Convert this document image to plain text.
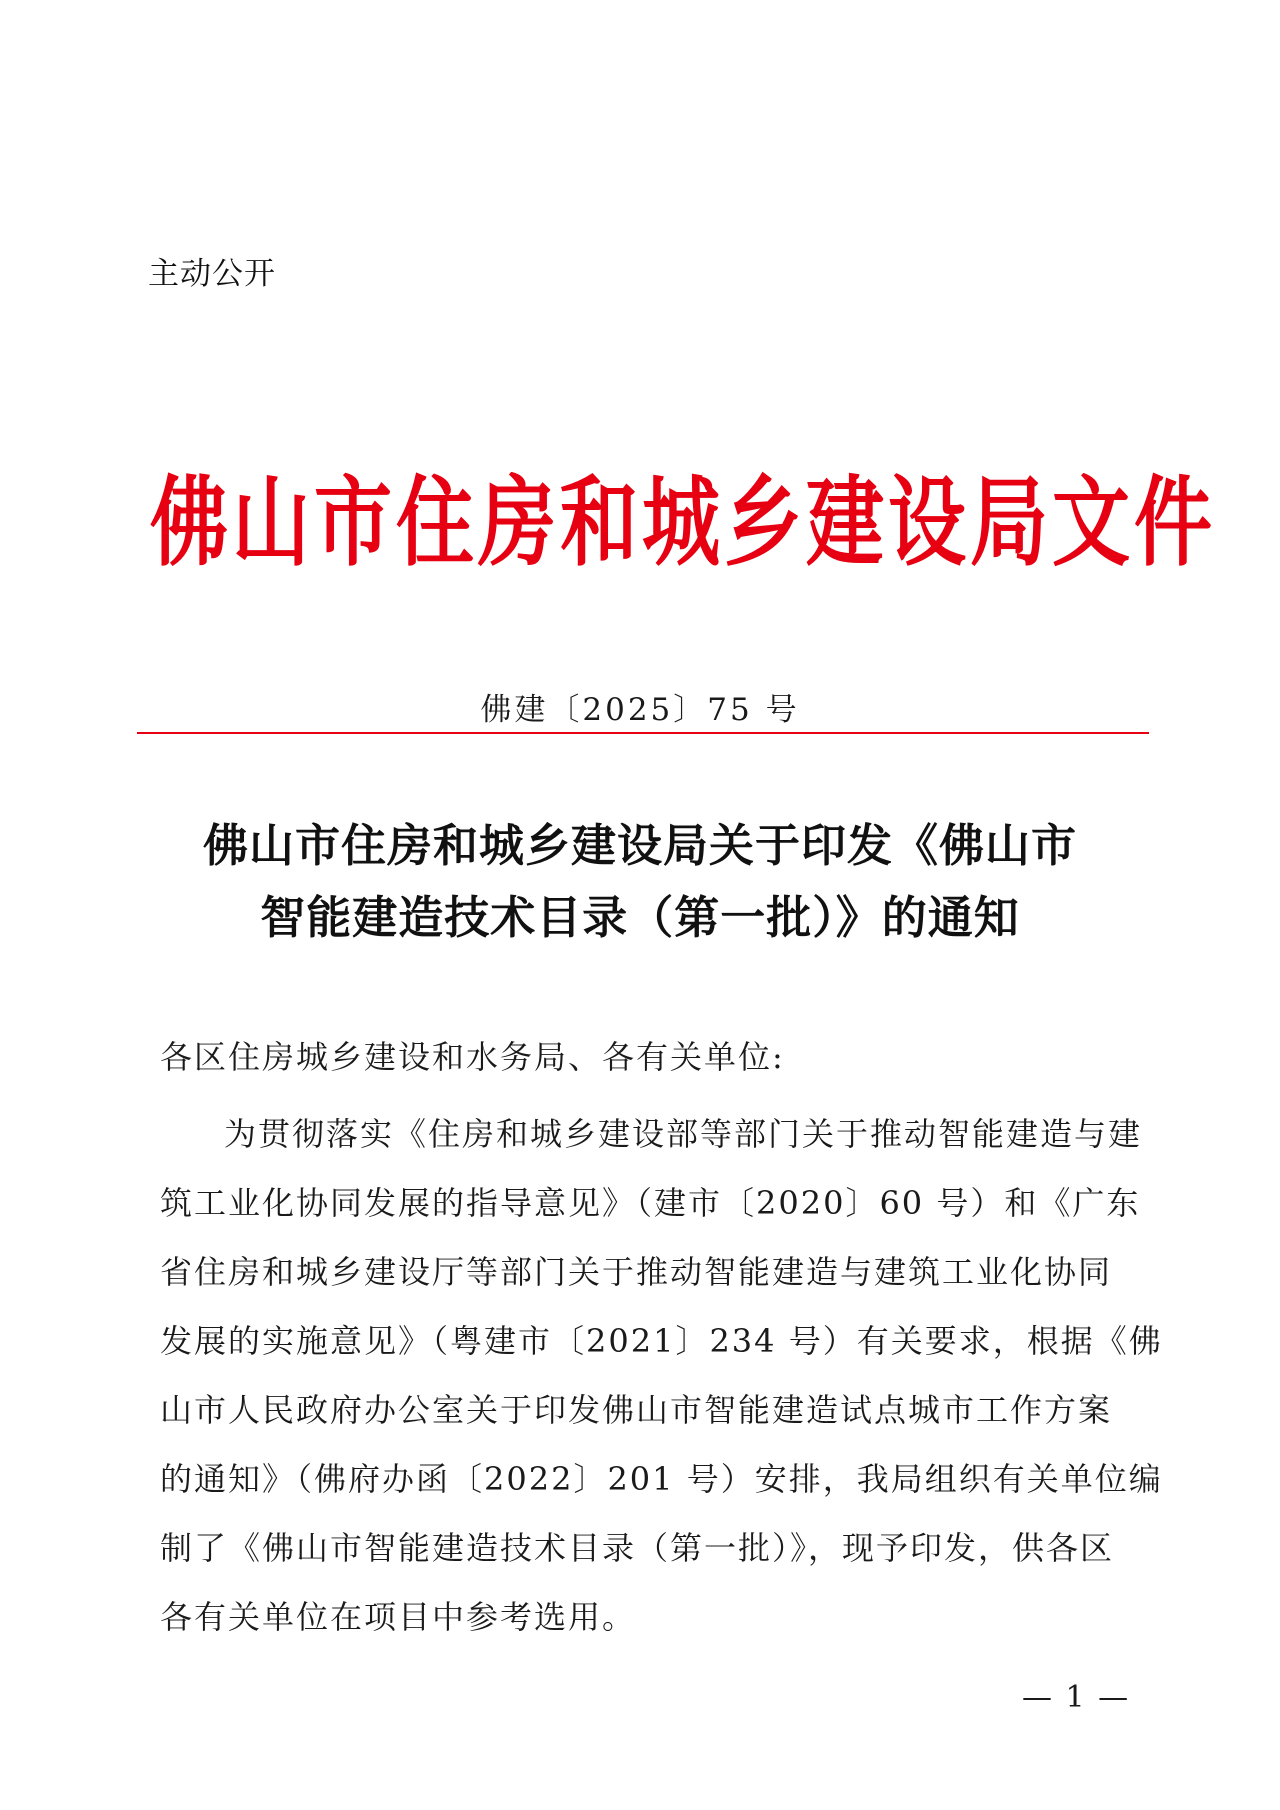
主动公开
佛山市住房和城乡建设局文件
佛建〔2025〕75 号
佛山市住房和城乡建设局关于印发《佛山市
智能建造技术目录（第一批）》的通知
各区住房城乡建设和水务局、各有关单位:
为贯彻落实《住房和城乡建设部等部门关于推动智能建造与建
筑工业化协同发展的指导意见》（建市〔2020〕60 号）和《广东
省住房和城乡建设厅等部门关于推动智能建造与建筑工业化协同
发展的实施意见》（粤建市〔2021〕234 号）有关要求，根据《佛
山市人民政府办公室关于印发佛山市智能建造试点城市工作方案
的通知》（佛府办函〔2022〕201 号）安排，我局组织有关单位编
制了《佛山市智能建造技术目录（第一批）》，现予印发，供各区
各有关单位在项目中参考选用。
— 1 —
